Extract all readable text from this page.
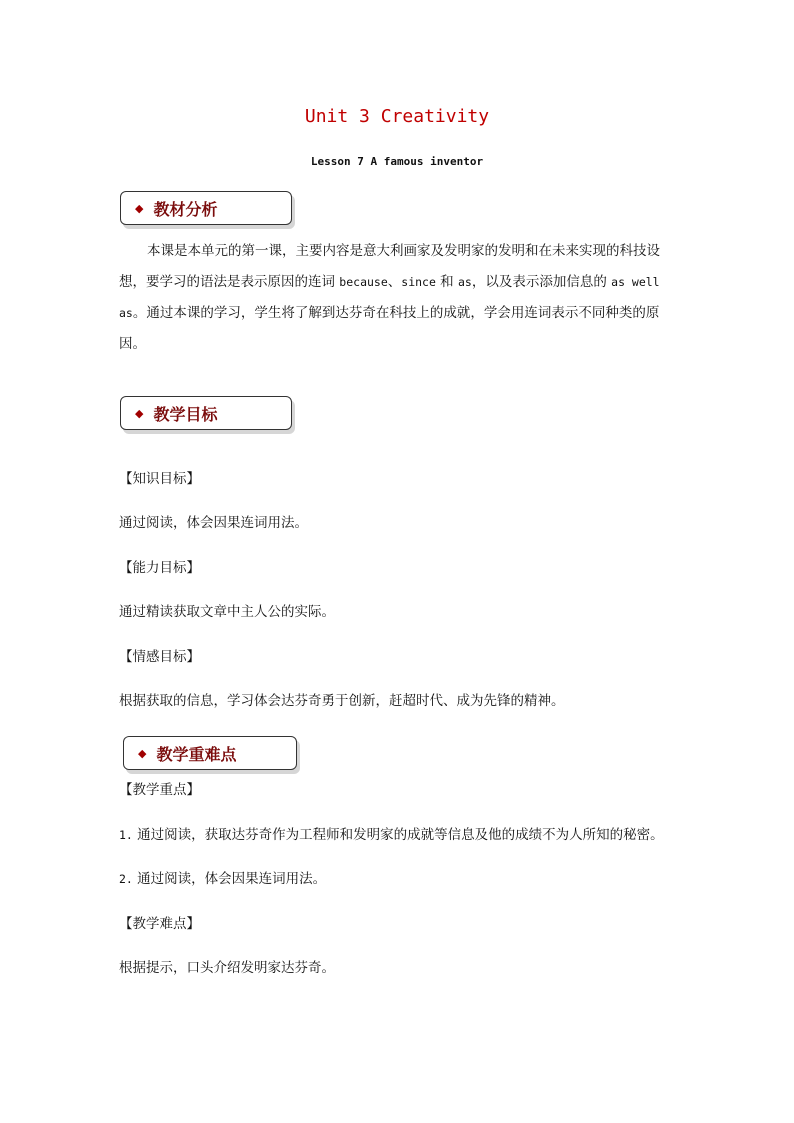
Unit 3 Creativity
Lesson 7 A famous inventor
◆ 教材分析
本课是本单元的第一课，主要内容是意大利画家及发明家的发明和在未来实现的科技设
想，要学习的语法是表示原因的连词 because、since 和 as，以及表示添加信息的 as well
as。通过本课的学习，学生将了解到达芬奇在科技上的成就，学会用连词表示不同种类的原
因。
◆ 教学目标
【知识目标】
通过阅读，体会因果连词用法。
【能力目标】
通过精读获取文章中主人公的实际。
【情感目标】
根据获取的信息，学习体会达芬奇勇于创新，赶超时代、成为先锋的精神。
◆ 教学重难点
【教学重点】
1. 通过阅读，获取达芬奇作为工程师和发明家的成就等信息及他的成绩不为人所知的秘密。
2. 通过阅读，体会因果连词用法。
【教学难点】
根据提示，口头介绍发明家达芬奇。
